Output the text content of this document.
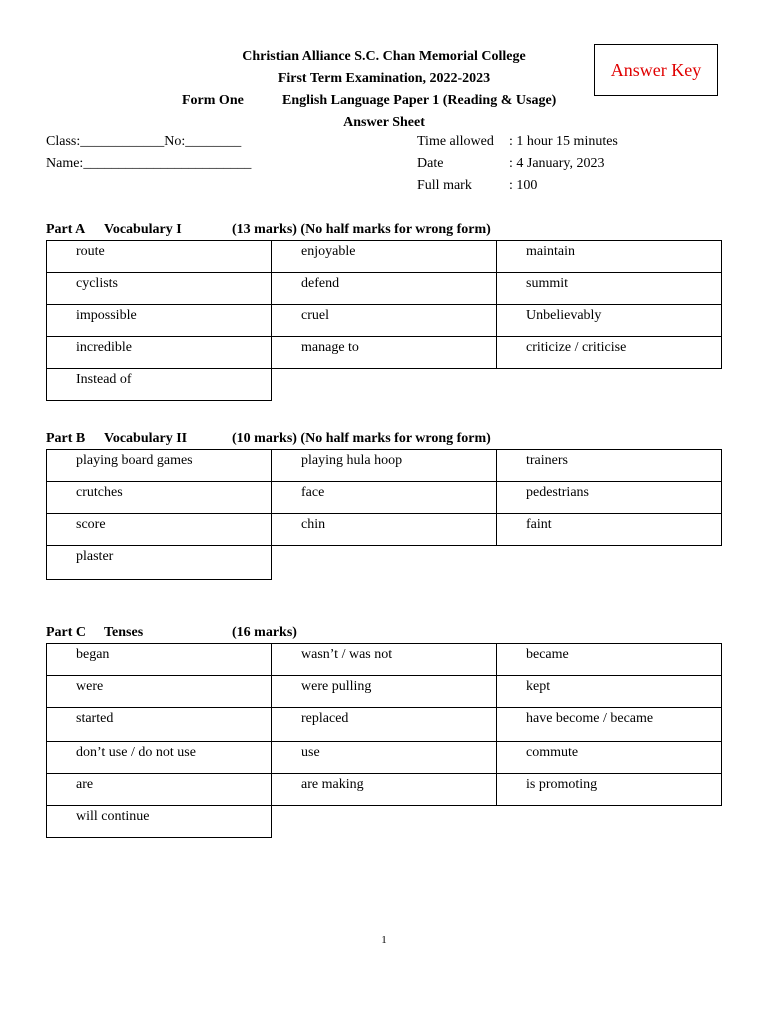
Christian Alliance S.C. Chan Memorial College
First Term Examination, 2022-2023
Form One	English Language Paper 1 (Reading & Usage)
Answer Sheet
Answer Key
Class:____________No:________
Name:________________________
Time allowed : 1 hour 15 minutes
Date	: 4 January, 2023
Full mark	: 100
Part A Vocabulary I	(13 marks) (No half marks for wrong form)
route	enjoyable	maintain
cyclists	defend	summit
impossible	cruel	Unbelievably
incredible	manage to	criticize / criticise
Instead of		
Part B Vocabulary II	(10 marks) (No half marks for wrong form)
playing board games	playing hula hoop	trainers
crutches	face	pedestrians
score	chin	faint
plaster		
Part C Tenses	(16 marks)
began	wasn’t / was not	became
were	were pulling	kept
started	replaced	have become / became
don’t use / do not use	use	commute
are	are making	is promoting
will continue		
1
